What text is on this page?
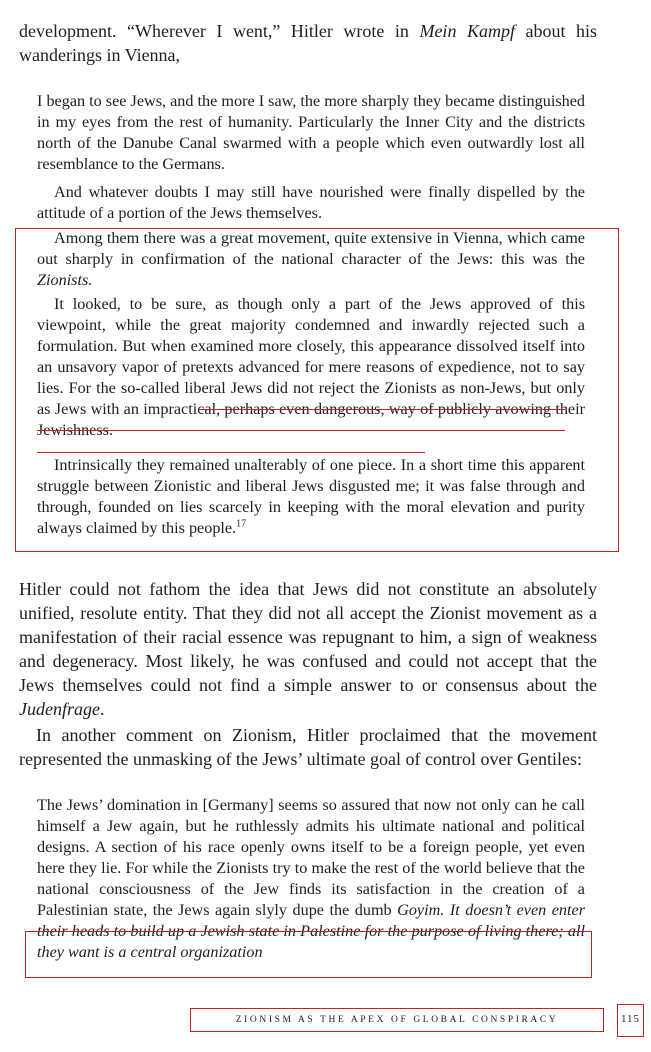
development. “Wherever I went,” Hitler wrote in Mein Kampf about his wanderings in Vienna,

I began to see Jews, and the more I saw, the more sharply they became distinguished in my eyes from the rest of humanity. Particularly the Inner City and the districts north of the Danube Canal swarmed with a people which even outwardly lost all resemblance to the Germans.

And whatever doubts I may still have nourished were finally dispelled by the attitude of a portion of the Jews themselves.

Among them there was a great movement, quite extensive in Vienna, which came out sharply in confirmation of the national character of the Jews: this was the Zionists.

It looked, to be sure, as though only a part of the Jews approved of this viewpoint, while the great majority condemned and inwardly rejected such a formulation. But when examined more closely, this appearance dissolved itself into an unsavory vapor of pretexts advanced for mere reasons of expedience, not to say lies. For the so-called liberal Jews did not reject the Zionists as non-Jews, but only as Jews with an impractical, perhaps even dangerous, way of publicly avowing their Jewishness.

Intrinsically they remained unalterably of one piece. In a short time this apparent struggle between Zionistic and liberal Jews disgusted me; it was false through and through, founded on lies scarcely in keeping with the moral elevation and purity always claimed by this people.$^{17}$

Hitler could not fathom the idea that Jews did not constitute an absolutely unified, resolute entity. That they did not all accept the Zionist movement as a manifestation of their racial essence was repugnant to him, a sign of weakness and degeneracy. Most likely, he was confused and could not accept that the Jews themselves could not find a simple answer to or consensus about the Judenfrage.

In another comment on Zionism, Hitler proclaimed that the movement represented the unmasking of the Jews’ ultimate goal of control over Gentiles:

The Jews’ domination in [Germany] seems so assured that now not only can he call himself a Jew again, but he ruthlessly admits his ultimate national and political designs. A section of his race openly owns itself to be a foreign people, yet even here they lie. For while the Zionists try to make the rest of the world believe that the national consciousness of the Jew finds its satisfaction in the creation of a Palestinian state, the Jews again slyly dupe the dumb Goyim. It doesn’t even enter their heads to build up a Jewish state in Palestine for the purpose of living there; all they want is a central organization

ZIONISM AS THE APEX OF GLOBAL CONSPIRACY	115
